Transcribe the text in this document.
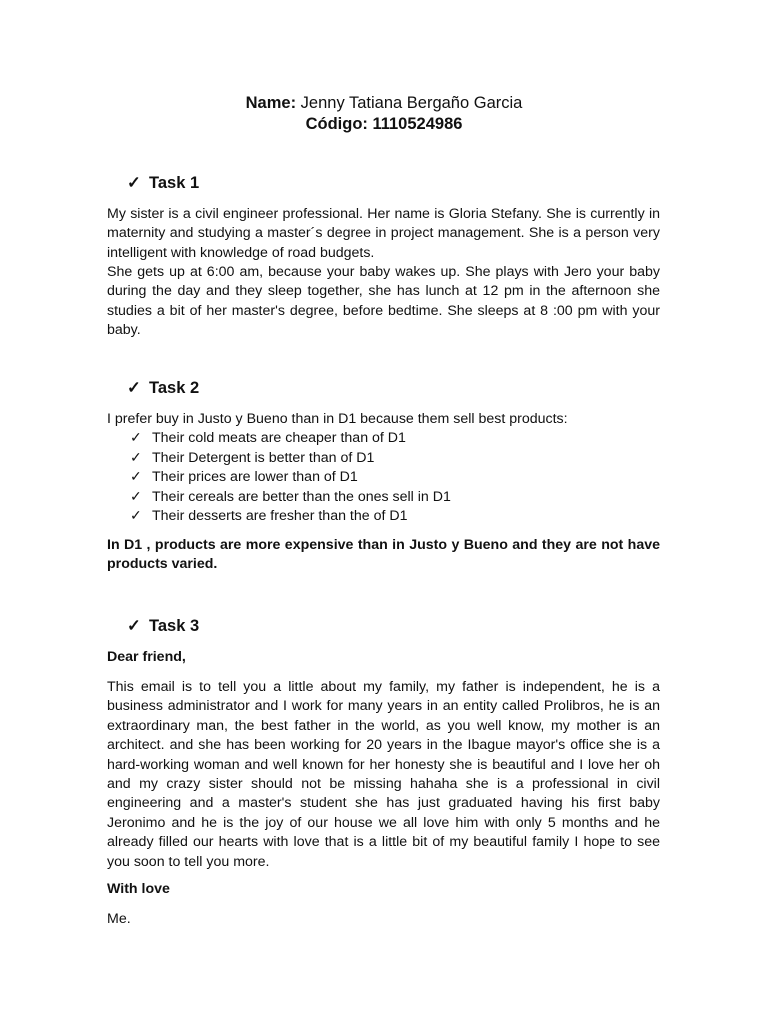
Name: Jenny Tatiana Bergaño Garcia
Código: 1110524986
✓ Task 1

My sister is a civil engineer professional. Her name is Gloria Stefany. She is currently in maternity and studying a master´s degree in project management. She is a person very intelligent with knowledge of road budgets.

She gets up at 6:00 am, because your baby wakes up. She plays with Jero your baby during the day and they sleep together, she has lunch at 12 pm in the afternoon she studies a bit of her master's degree, before bedtime. She sleeps at 8 :00 pm with your baby.

✓ Task 2
I prefer buy in Justo y Bueno than in D1 because them sell best products:
✓ Their cold meats are cheaper than of D1
✓ Their Detergent is better than of D1
✓ Their prices are lower than of D1
✓ Their cereals are better than the ones sell in D1
✓ Their desserts are fresher than the of D1

In D1 , products are more expensive than in Justo y Bueno and they are not have products varied.

✓ Task 3
Dear friend,

This email is to tell you a little about my family, my father is independent, he is a business administrator and I work for many years in an entity called Prolibros, he is an extraordinary man, the best father in the world, as you well know, my mother is an architect. and she has been working for 20 years in the Ibague mayor's office she is a hard-working woman and well known for her honesty she is beautiful and I love her oh and my crazy sister should not be missing hahaha she is a professional in civil engineering and a master's student she has just graduated having his first baby Jeronimo and he is the joy of our house we all love him with only 5 months and he already filled our hearts with love that is a little bit of my beautiful family I hope to see you soon to tell you more.

With love
Me.
